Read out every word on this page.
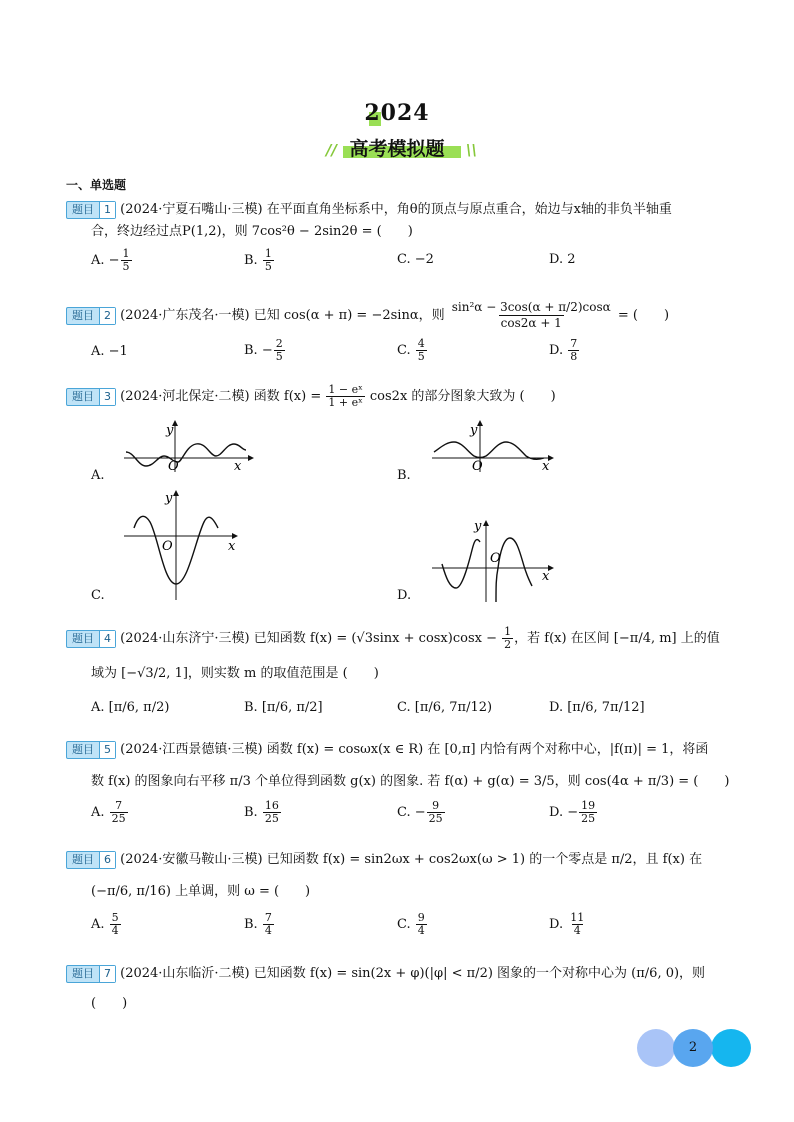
2024
// 高考模拟题	\\
一、单选题
题目 1 (2024·宁夏石嘴山·三模) 在平面直角坐标系中，角θ的顶点与原点重合，始边与x轴的非负半轴重
合，终边经过点P(1,2)，则 7cos²θ − 2sin2θ = (　　)
A. − $\frac{1}{5}$	B. $\frac{1}{5}$	C. −2	D. 2
题目 2 (2024·广东茂名·一模) 已知 cos(α + π) = −2sinα，则 $\frac{\text{sin²α − 3cos(α + π/2)cosα}}{\cos 2\alpha + 1}$ = (　　)
A. −1	B. − $\frac{2}{5}$	C. $\frac{4}{5}$	D. $\frac{7}{8}$
题目 3 (2024·河北保定·二模) 函数 $f(x) = \frac{\text{1 − eˣ}}{\text{1 + eˣ}} \cos 2x$ 的部分图象大致为 (　　)
A.	B.
C.	D.
y
x
O
y
x
O
y
x
O
y
x
O
题目 4 (2024·山东济宁·三模) 已知函数 $f(x) = (√3\sin x + \cos x)\cos x - \frac{1}{2}$ ，若 f(x) 在区间 [−π/4, m] 上的值
域为 [−√3/2, 1]，则实数 m 的取值范围是 (　　)
A. [π/6, π/2)	B. [π/6, π/2]	C. [π/6, 7π/12)	D. [π/6, 7π/12]
题目 5 (2024·江西景德镇·三模) 函数 f(x) = cosωx(x ∈ R) 在 [0,π] 内恰有两个对称中心，|f(π)| = 1，将函
数 f(x) 的图象向右平移 π/3 个单位得到函数 g(x) 的图象. 若 f(α) + g(α) = 3/5，则 cos(4α + π/3) = (　　)
A. $\frac{7}{25}$	B. $\frac{16}{25}$	C. − $\frac{9}{25}$	D. − $\frac{19}{25}$
题目 6 (2024·安徽马鞍山·三模) 已知函数 f(x) = sin2ωx + cos2ωx(ω > 1) 的一个零点是 π/2，且 f(x) 在
(−π/6, π/16) 上单调，则 ω = (　　)
A. $\frac{5}{4}$	B. $\frac{7}{4}$	C. $\frac{9}{4}$	D. $\frac{11}{4}$
题目 7 (2024·山东临沂·二模) 已知函数 f(x) = sin(2x + φ)(|φ| < π/2) 图象的一个对称中心为 (π/6, 0)，则
(　　)
2
